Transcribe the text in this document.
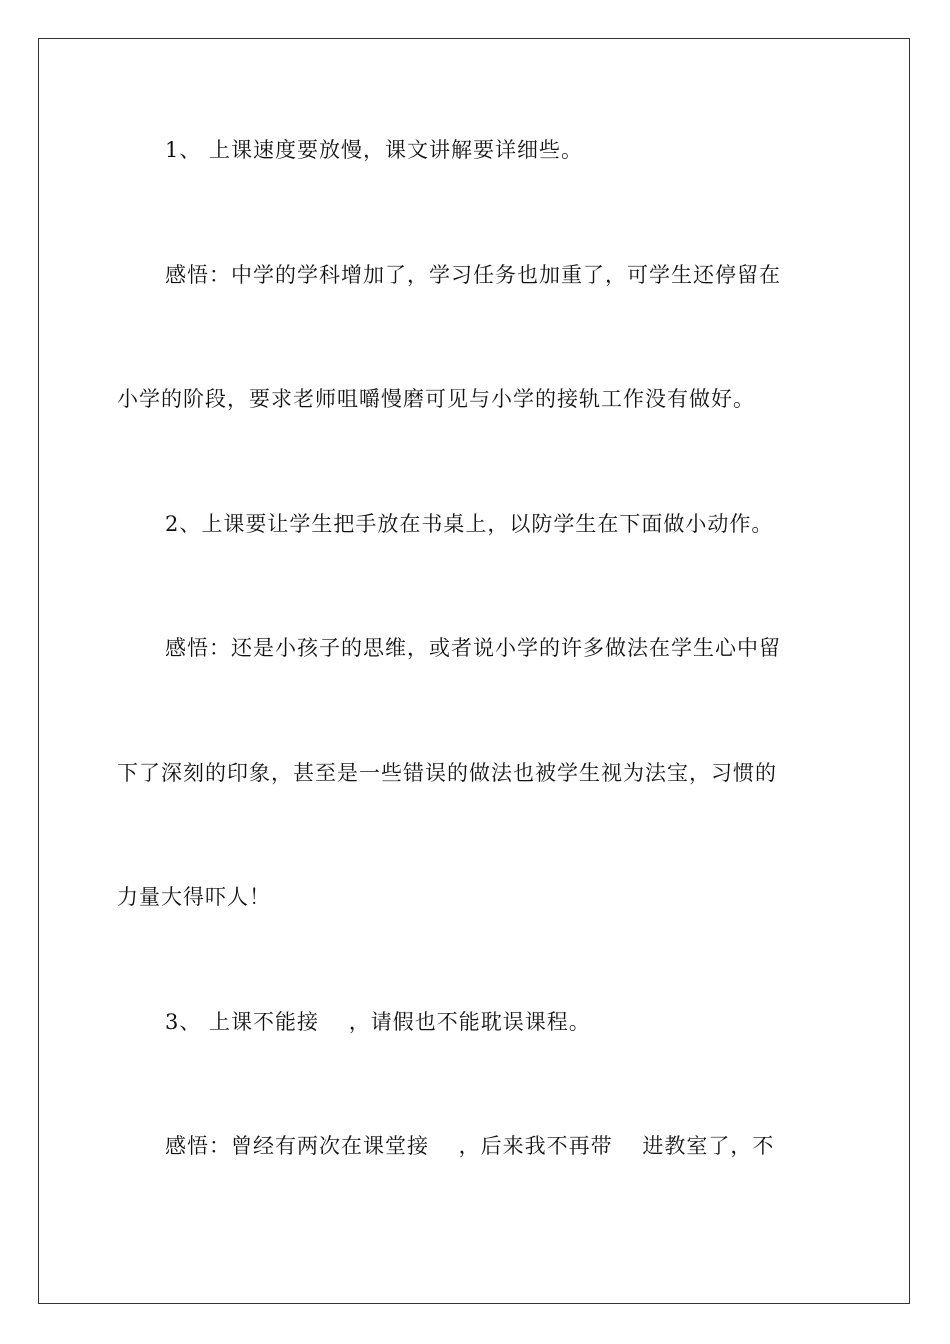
1、 上课速度要放慢，课文讲解要详细些。
感悟：中学的学科增加了，学习任务也加重了，可学生还停留在
小学的阶段，要求老师咀嚼慢磨可见与小学的接轨工作没有做好。
2、上课要让学生把手放在书桌上，以防学生在下面做小动作。
感悟：还是小孩子的思维，或者说小学的许多做法在学生心中留
下了深刻的印象，甚至是一些错误的做法也被学生视为法宝，习惯的
力量大得吓人！
3、 上课不能接　 ，请假也不能耽误课程。
感悟：曾经有两次在课堂接　 ，后来我不再带　 进教室了，不
